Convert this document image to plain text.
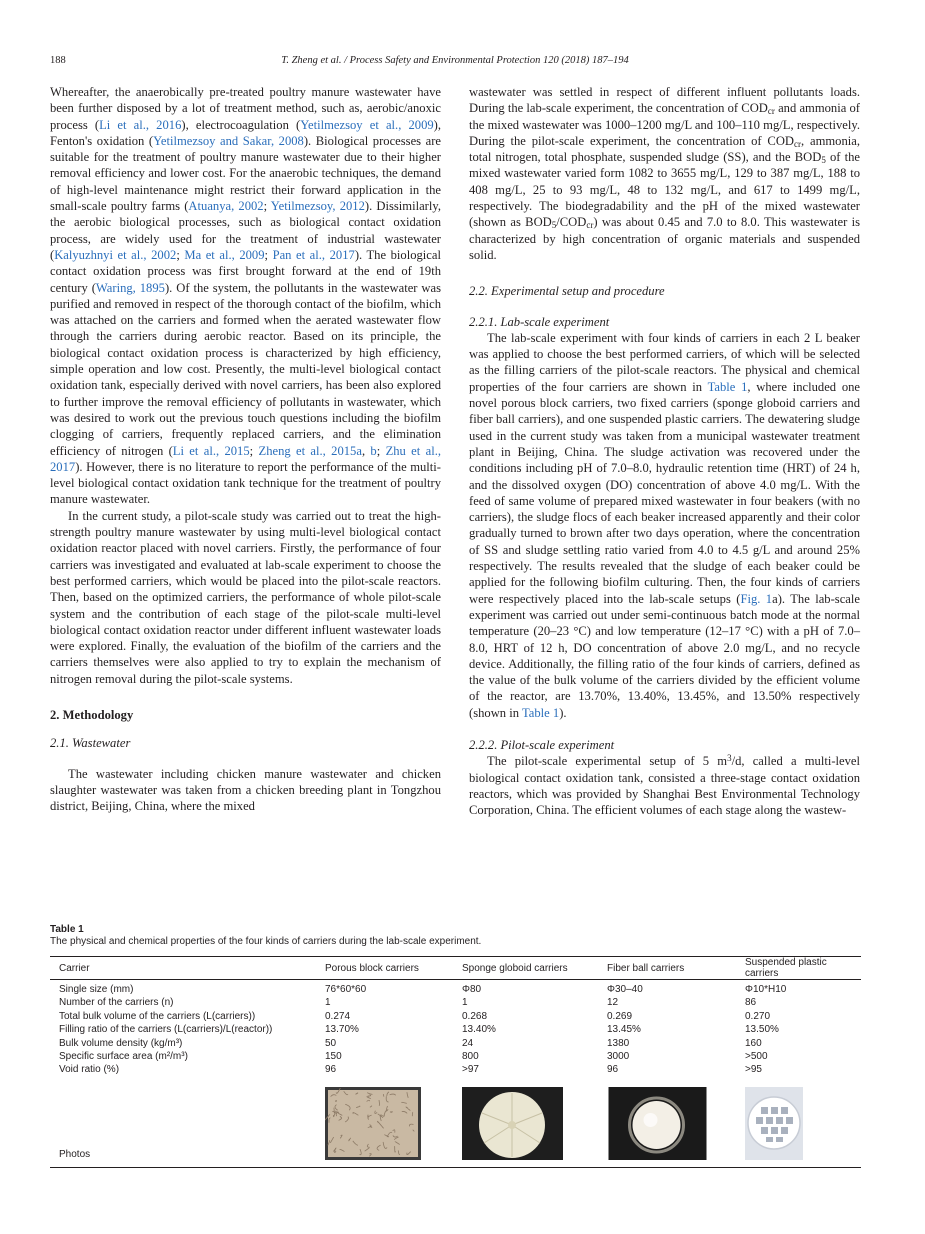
188	T. Zheng et al. / Process Safety and Environmental Protection 120 (2018) 187–194

Whereafter, the anaerobically pre-treated poultry manure wastewater have been further disposed by a lot of treatment method, such as, aerobic/anoxic process (Li et al., 2016), electrocoagulation (Yetilmezsoy et al., 2009), Fenton's oxidation (Yetilmezsoy and Sakar, 2008). Biological processes are suitable for the treatment of poultry manure wastewater due to their higher removal efficiency and lower cost. For the anaerobic techniques, the demand of high-level maintenance might restrict their forward application in the small-scale poultry farms (Atuanya, 2002; Yetilmezsoy, 2012). Dissimilarly, the aerobic biological processes, such as biological contact oxidation process, are widely used for the treatment of industrial wastewater (Kalyuzhnyi et al., 2002; Ma et al., 2009; Pan et al., 2017). The biological contact oxidation process was first brought forward at the end of 19th century (Waring, 1895). Of the system, the pollutants in the wastewater was purified and removed in respect of the thorough contact of the biofilm, which was attached on the carriers and formed when the aerated wastewater flow through the carriers during aerobic reactor. Based on its principle, the biological contact oxidation process is characterized by high efficiency, simple operation and low cost. Presently, the multi-level biological contact oxidation tank, especially derived with novel carriers, has been also explored to further improve the removal efficiency of pollutants in wastewater, which was desired to work out the previous touch questions including the biofilm clogging of carriers, frequently replaced carriers, and the elimination efficiency of nitrogen (Li et al., 2015; Zheng et al., 2015a, b; Zhu et al., 2017). However, there is no literature to report the performance of the multi-level biological contact oxidation tank technique for the treatment of poultry manure wastewater.

In the current study, a pilot-scale study was carried out to treat the high-strength poultry manure wastewater by using multi-level biological contact oxidation reactor placed with novel carriers. Firstly, the performance of four carriers was investigated and evaluated at lab-scale experiment to choose the best performed carriers, which would be placed into the pilot-scale reactors. Then, based on the optimized carriers, the performance of whole pilot-scale system and the contribution of each stage of the pilot-scale multi-level biological contact oxidation reactor under different influent wastewater loads were explored. Finally, the evaluation of the biofilm of the carriers and the carriers themselves were also applied to try to explain the mechanism of nitrogen removal during the pilot-scale systems.

2. Methodology
2.1. Wastewater

The wastewater including chicken manure wastewater and chicken slaughter wastewater was taken from a chicken breeding plant in Tongzhou district, Beijing, China, where the mixed

wastewater was settled in respect of different influent pollutants loads. During the lab-scale experiment, the concentration of $COD_{cr}$ and ammonia of the mixed wastewater was 1000–1200 mg/L and 100–110 mg/L, respectively. During the pilot-scale experiment, the concentration of $COD_{cr}$, ammonia, total nitrogen, total phosphate, suspended sludge (SS), and the $BOD_5$ of the mixed wastewater varied form 1082 to 3655 mg/L, 129 to 387 mg/L, 188 to 408 mg/L, 25 to 93 mg/L, 48 to 132 mg/L, and 617 to 1499 mg/L, respectively. The biodegradability and the pH of the mixed wastewater (shown as $BOD_5/COD_{cr}$) was about 0.45 and 7.0 to 8.0. This wastewater is characterized by high concentration of organic materials and suspended solid.

2.2. Experimental setup and procedure
2.2.1. Lab-scale experiment

The lab-scale experiment with four kinds of carriers in each 2 L beaker was applied to choose the best performed carriers, of which will be selected as the filling carriers of the pilot-scale reactors. The physical and chemical properties of the four carriers are shown in Table 1, where included one novel porous block carriers, two fixed carriers (sponge globoid carriers and fiber ball carriers), and one suspended plastic carriers. The dewatering sludge used in the current study was taken from a municipal wastewater treatment plant in Beijing, China. The sludge activation was recovered under the conditions including pH of 7.0–8.0, hydraulic retention time (HRT) of 24 h, and the dissolved oxygen (DO) concentration of above 4.0 mg/L. With the feed of same volume of prepared mixed wastewater in four beakers (with no carriers), the sludge flocs of each beaker increased apparently and their color gradually turned to brown after two days operation, where the concentration of SS and sludge settling ratio varied from 4.0 to 4.5 g/L and around 25% respectively. The results revealed that the sludge of each beaker could be applied for the following biofilm culturing. Then, the four kinds of carriers were respectively placed into the lab-scale setups (Fig. 1a). The lab-scale experiment was carried out under semi-continuous batch mode at the normal temperature (20–23 °C) and low temperature (12–17 °C) with a pH of 7.0–8.0, HRT of 12 h, DO concentration of above 2.0 mg/L, and no recycle device. Additionally, the filling ratio of the four kinds of carriers, defined as the value of the bulk volume of the carriers divided by the efficient volume of the reactor, are 13.70%, 13.40%, 13.45%, and 13.50% respectively (shown in Table 1).

2.2.2. Pilot-scale experiment

The pilot-scale experimental setup of 5 $m^3/d$, called a multi-level biological contact oxidation tank, consisted a three-stage contact oxidation reactors, which was provided by Shanghai Best Environmental Technology Corporation, China. The efficient volumes of each stage along the wastew-

Table 1
The physical and chemical properties of the four kinds of carriers during the lab-scale experiment.
Carrier	Porous block carriers	Sponge globoid carriers	Fiber ball carriers	Suspended plastic carriers
Single size (mm)	76*60*60	Φ80	Φ30–40	Φ10*H10
Number of the carriers (n)	1	1	12	86
Total bulk volume of the carriers (L(carriers))	0.274	0.268	0.269	0.270
Filling ratio of the carriers (L(carriers)/L(reactor))	13.70%	13.40%	13.45%	13.50%
Bulk volume density (kg/m³)	50	24	1380	160
Specific surface area (m²/m³)	150	800	3000	>500
Void ratio (%)	96	>97	96	>95
Photos	
